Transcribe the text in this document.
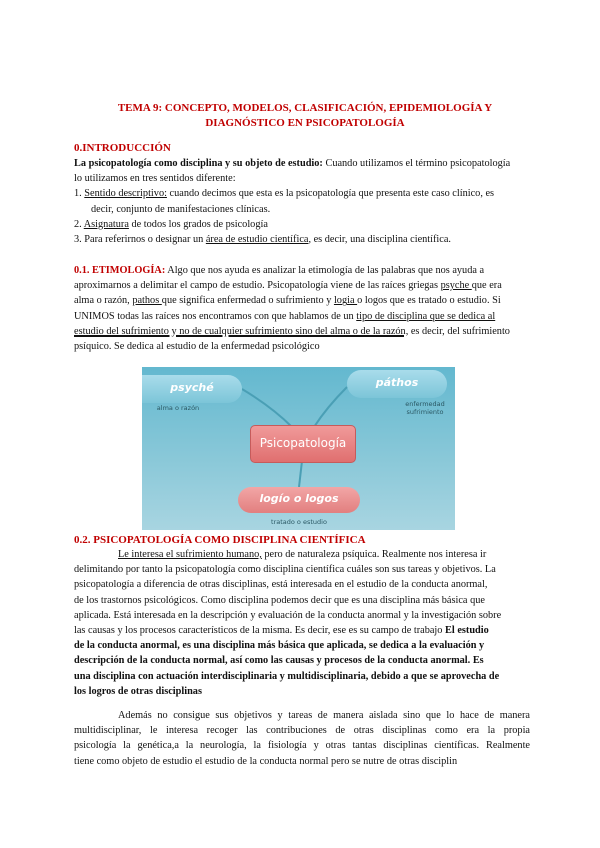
TEMA 9: CONCEPTO, MODELOS, CLASIFICACIÓN, EPIDEMIOLOGÍA Y
DIAGNÓSTICO EN PSICOPATOLOGÍA
0.INTRODUCCIÓN
La psicopatología como disciplina y su objeto de estudio: Cuando utilizamos el término psicopatología
lo utilizamos en tres sentidos diferente:
1. Sentido descriptivo: cuando decimos que esta es la psicopatología que presenta este caso clínico, es
decir, conjunto de manifestaciones clínicas.
2. Asignatura de todos los grados de psicología
3. Para referirnos o designar un área de estudio científica, es decir, una disciplina científica.
0.1. ETIMOLOGÍA: Algo que nos ayuda es analizar la etimología de las palabras que nos ayuda a
aproximarnos a delimitar el campo de estudio. Psicopatología viene de las raíces griegas psyche que era
alma o razón, pathos que significa enfermedad o sufrimiento y logia o logos que es tratado o estudio. Si
UNIMOS todas las raíces nos encontramos con que hablamos de un tipo de disciplina que se dedica al
estudio del sufrimiento y no de cualquier sufrimiento sino del alma o de la razón, es decir, del sufrimiento
psíquico. Se dedica al estudio de la enfermedad psicológico
psyché
alma o razón
páthos
enfermedad
sufrimiento
Psicopatología
logío o logos
tratado o estudio
0.2. PSICOPATOLOGÍA COMO DISCIPLINA CIENTÍFICA
Le interesa el sufrimiento humano, pero de naturaleza psíquica. Realmente nos interesa ir
delimitando por tanto la psicopatología como disciplina científica cuáles son sus tareas y objetivos. La
psicopatología a diferencia de otras disciplinas, está interesada en el estudio de la conducta anormal,
de los trastornos psicológicos. Como disciplina podemos decir que es una disciplina más básica que
aplicada. Está interesada en la descripción y evaluación de la conducta anormal y la investigación sobre
las causas y los procesos característicos de la misma. Es decir, ese es su campo de trabajo El estudio
de la conducta anormal, es una disciplina más básica que aplicada, se dedica a la evaluación y
descripción de la conducta normal, así como las causas y procesos de la conducta anormal. Es
una disciplina con actuación interdisciplinaria y multidisciplinaria, debido a que se aprovecha de
los logros de otras disciplinas
Además no consigue sus objetivos y tareas de manera aislada sino que lo hace de manera
multidisciplinar, le interesa recoger las contribuciones de otras disciplinas como era la propia
psicología la genética,a la neurología, la fisiología y otras tantas disciplinas científicas. Realmente
tiene como objeto de estudio el estudio de la conducta normal pero se nutre de otras disciplin
